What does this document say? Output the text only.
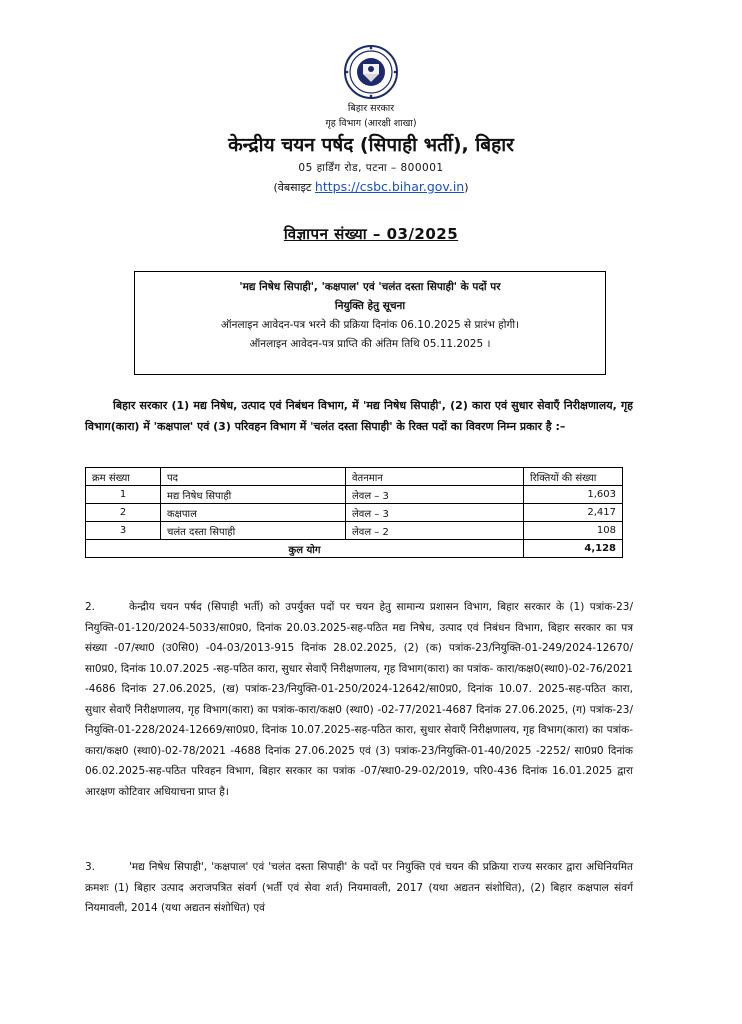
बिहार सरकार
गृह विभाग (आरक्षी शाखा)
केन्द्रीय चयन पर्षद (सिपाही भर्ती), बिहार
05 हार्डिंग रोड, पटना – 800001
(वेबसाइट https://csbc.bihar.gov.in)
विज्ञापन संख्या – 03/2025
'मद्य निषेध सिपाही', 'कक्षपाल' एवं 'चलंत दस्ता सिपाही' के पदों पर
नियुक्ति हेतु सूचना
ऑनलाइन आवेदन-पत्र भरने की प्रक्रिया दिनांक 06.10.2025 से प्रारंभ होगी।
ऑनलाइन आवेदन-पत्र प्राप्ति की अंतिम तिथि 05.11.2025 ।
बिहार सरकार (1) मद्य निषेध, उत्पाद एवं निबंधन विभाग, में 'मद्य निषेध सिपाही', (2) कारा एवं सुधार सेवाएँ निरीक्षणालय, गृह विभाग(कारा) में 'कक्षपाल' एवं (3) परिवहन विभाग में 'चलंत दस्ता सिपाही' के रिक्त पदों का विवरण निम्न प्रकार है :–
क्रम संख्या	पद	वेतनमान	रिक्तियों की संख्या
1	मद्य निषेध सिपाही	लेवल – 3	1,603
2	कक्षपाल	लेवल – 3	2,417
3	चलंत दस्ता सिपाही	लेवल – 2	108
कुल योग			4,128
2.	केन्द्रीय चयन पर्षद (सिपाही भर्ती) को उपर्युक्त पदों पर चयन हेतु सामान्य प्रशासन विभाग, बिहार सरकार के (1) पत्रांक-23/नियुक्ति-01-120/2024-5033/सा0प्र0, दिनांक 20.03.2025-सह-पठित मद्य निषेध, उत्पाद एवं निबंधन विभाग, बिहार सरकार का पत्र संख्या -07/स्था0 (उ0सि0) -04-03/2013-915 दिनांक 28.02.2025, (2) (क) पत्रांक-23/नियुक्ति-01-249/2024-12670/सा0प्र0, दिनांक 10.07.2025 -सह-पठित कारा, सुधार सेवाएँ निरीक्षणालय, गृह विभाग(कारा) का पत्रांक- कारा/कक्ष0(स्था0)-02-76/2021 -4686 दिनांक 27.06.2025, (ख) पत्रांक-23/नियुक्ति-01-250/2024-12642/सा0प्र0, दिनांक 10.07. 2025-सह-पठित कारा, सुधार सेवाएँ निरीक्षणालय, गृह विभाग(कारा) का पत्रांक-कारा/कक्ष0 (स्था0) -02-77/2021-4687 दिनांक 27.06.2025, (ग) पत्रांक-23/नियुक्ति-01-228/2024-12669/सा0प्र0, दिनांक 10.07.2025-सह-पठित कारा, सुधार सेवाएँ निरीक्षणालय, गृह विभाग(कारा) का पत्रांक-कारा/कक्ष0 (स्था0)-02-78/2021 -4688 दिनांक 27.06.2025 एवं (3) पत्रांक-23/नियुक्ति-01-40/2025 -2252/ सा0प्र0 दिनांक 06.02.2025-सह-पठित परिवहन विभाग, बिहार सरकार का पत्रांक -07/स्था0-29-02/2019, परि0-436 दिनांक 16.01.2025 द्वारा आरक्षण कोटिवार अधियाचना प्राप्त है।
3.	'मद्य निषेध सिपाही', 'कक्षपाल' एवं 'चलंत दस्ता सिपाही' के पदों पर नियुक्ति एवं चयन की प्रक्रिया राज्य सरकार द्वारा अधिनियमित क्रमशः (1) बिहार उत्पाद अराजपत्रित संवर्ग (भर्ती एवं सेवा शर्त) नियमावली, 2017 (यथा अद्यतन संशोधित), (2) बिहार कक्षपाल संवर्ग नियमावली, 2014 (यथा अद्यतन संशोधित) एवं
